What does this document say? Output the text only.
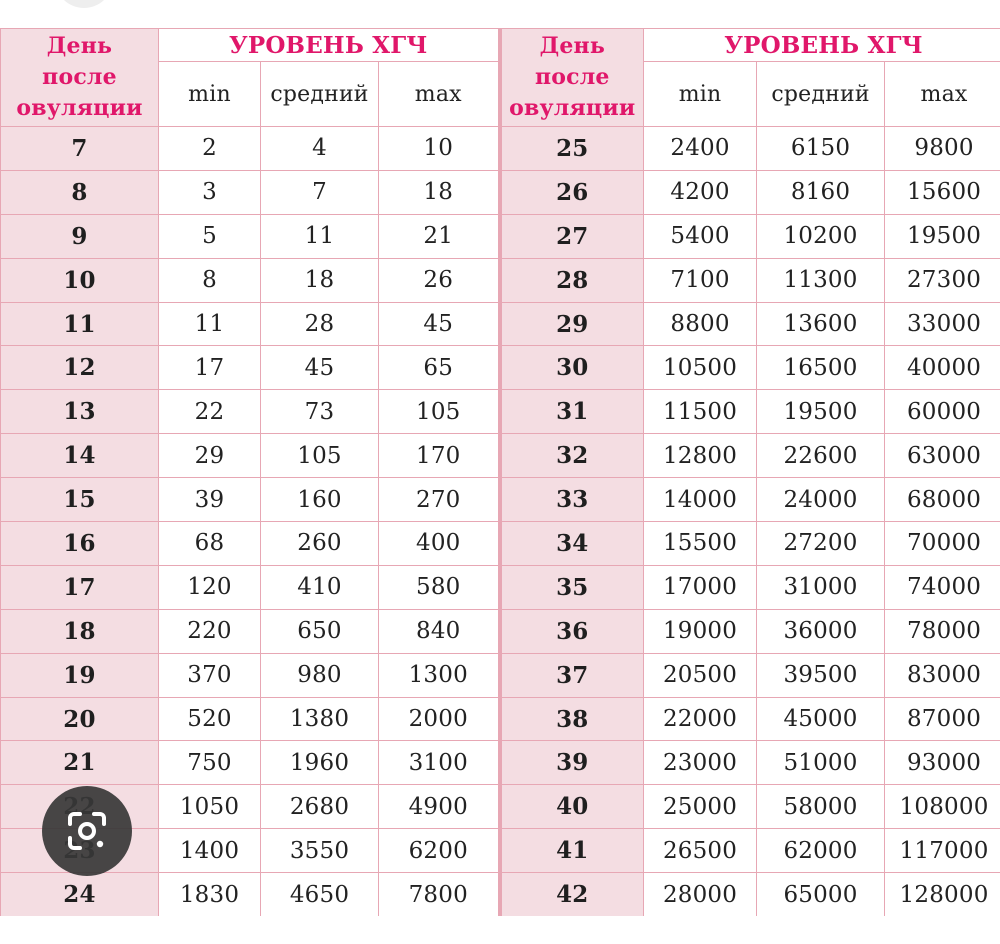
День
после
овуляции	УРОВЕНЬ ХГЧ			День
после
овуляции	УРОВЕНЬ ХГЧ		
	min	средний	max		min	средний	max
7	2	4	10	25	2400	6150	9800
8	3	7	18	26	4200	8160	15600
9	5	11	21	27	5400	10200	19500
10	8	18	26	28	7100	11300	27300
11	11	28	45	29	8800	13600	33000
12	17	45	65	30	10500	16500	40000
13	22	73	105	31	11500	19500	60000
14	29	105	170	32	12800	22600	63000
15	39	160	270	33	14000	24000	68000
16	68	260	400	34	15500	27200	70000
17	120	410	580	35	17000	31000	74000
18	220	650	840	36	19000	36000	78000
19	370	980	1300	37	20500	39500	83000
20	520	1380	2000	38	22000	45000	87000
21	750	1960	3100	39	23000	51000	93000
	1050	2680	4900	40	25000	58000	108000
	1400	3550	6200	41	26500	62000	117000
24	1830	4650	7800	42	28000	65000	128000
